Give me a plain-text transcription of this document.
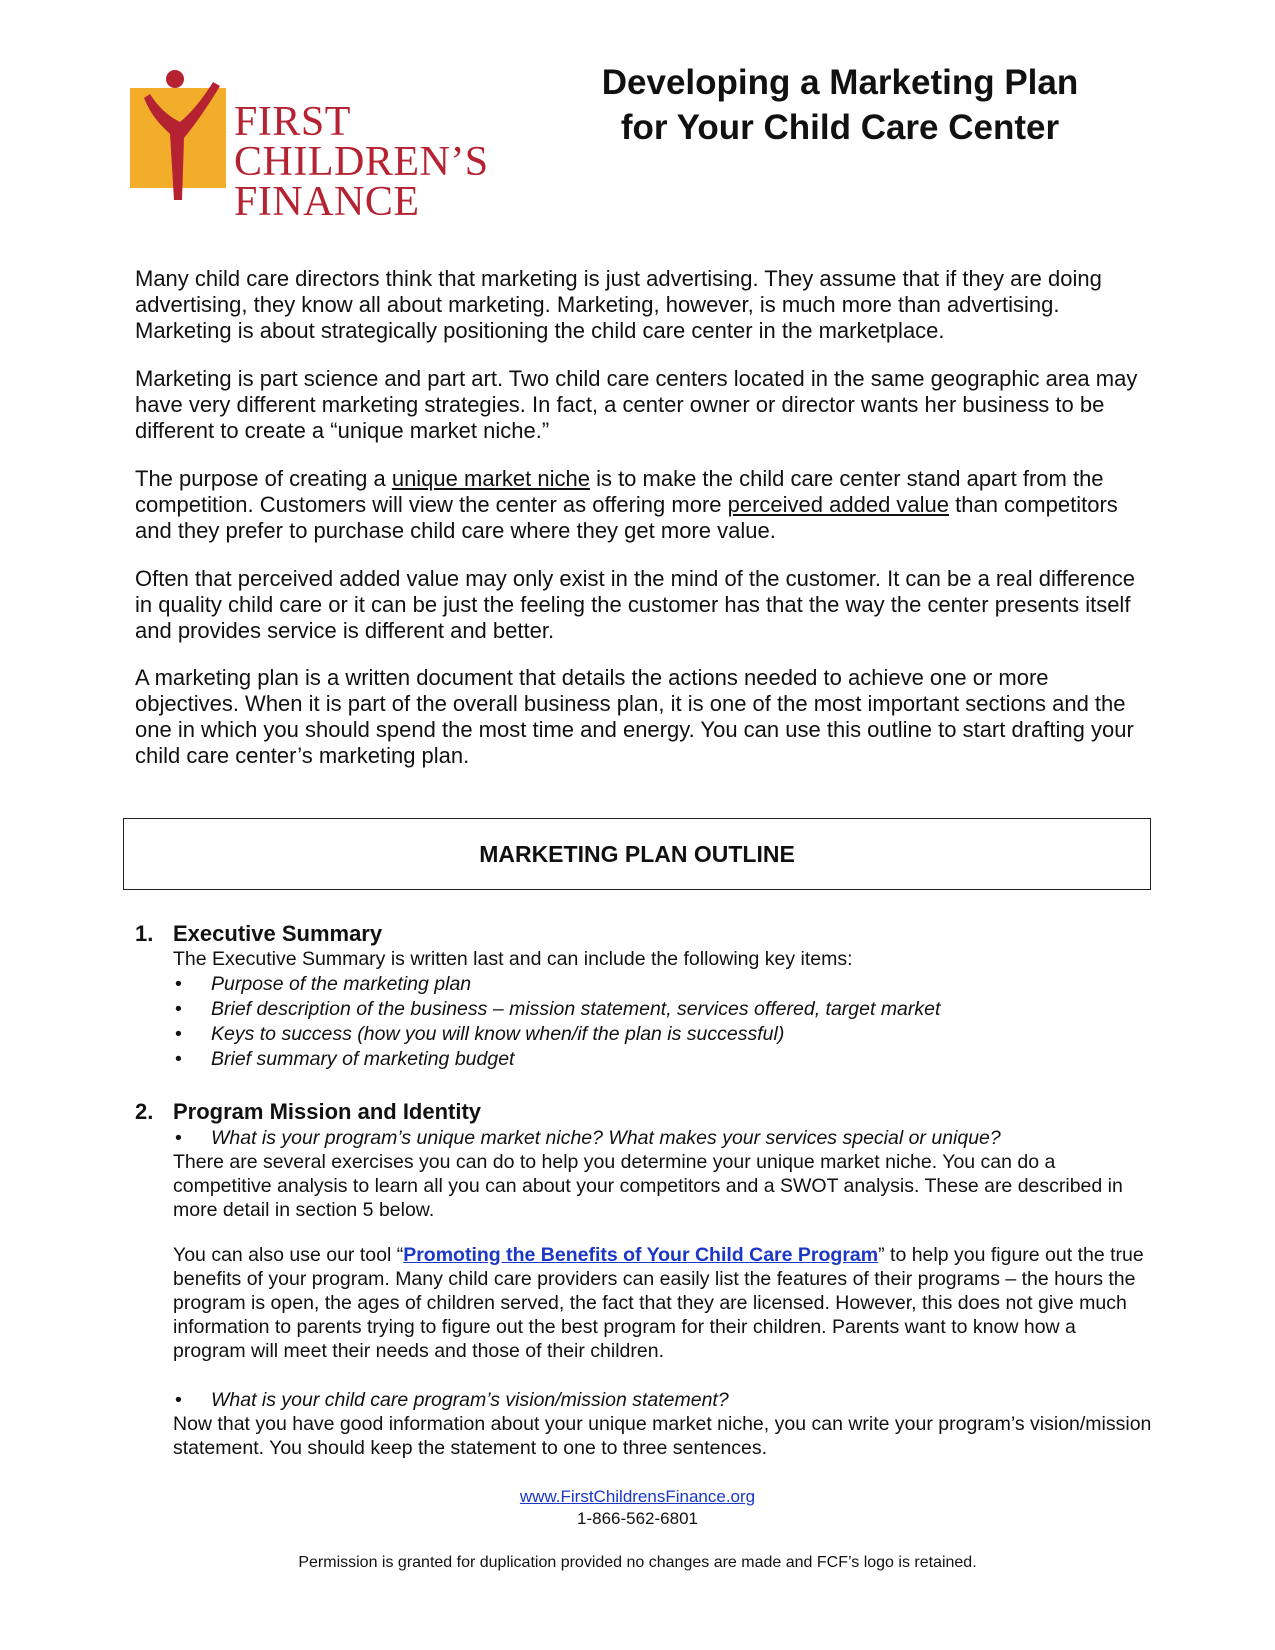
FIRST
CHILDREN’S
FINANCE
Developing a Marketing Plan
for Your Child Care Center

Many child care directors think that marketing is just advertising. They assume that if they are doing advertising, they know all about marketing. Marketing, however, is much more than advertising. Marketing is about strategically positioning the child care center in the marketplace.

Marketing is part science and part art. Two child care centers located in the same geographic area may have very different marketing strategies. In fact, a center owner or director wants her business to be different to create a “unique market niche.”

The purpose of creating a unique market niche is to make the child care center stand apart from the competition. Customers will view the center as offering more perceived added value than competitors and they prefer to purchase child care where they get more value.

Often that perceived added value may only exist in the mind of the customer. It can be a real difference in quality child care or it can be just the feeling the customer has that the way the center presents itself and provides service is different and better.

A marketing plan is a written document that details the actions needed to achieve one or more objectives. When it is part of the overall business plan, it is one of the most important sections and the one in which you should spend the most time and energy. You can use this outline to start drafting your child care center’s marketing plan.

MARKETING PLAN OUTLINE
1. Executive Summary

The Executive Summary is written last and can include the following key items:

• Purpose of the marketing plan
• Brief description of the business – mission statement, services offered, target market
• Keys to success (how you will know when/if the plan is successful)
• Brief summary of marketing budget
2. Program Mission and Identity
• What is your program’s unique market niche? What makes your services special or unique?

There are several exercises you can do to help you determine your unique market niche. You can do a competitive analysis to learn all you can about your competitors and a SWOT analysis. These are described in more detail in section 5 below.

You can also use our tool “Promoting the Benefits of Your Child Care Program” to help you figure out the true benefits of your program. Many child care providers can easily list the features of their programs – the hours the program is open, the ages of children served, the fact that they are licensed. However, this does not give much information to parents trying to figure out the best program for their children. Parents want to know how a program will meet their needs and those of their children.

• What is your child care program’s vision/mission statement?

Now that you have good information about your unique market niche, you can write your program’s vision/mission statement. You should keep the statement to one to three sentences.

www.FirstChildrensFinance.org
1-866-562-6801

Permission is granted for duplication provided no changes are made and FCF’s logo is retained.
